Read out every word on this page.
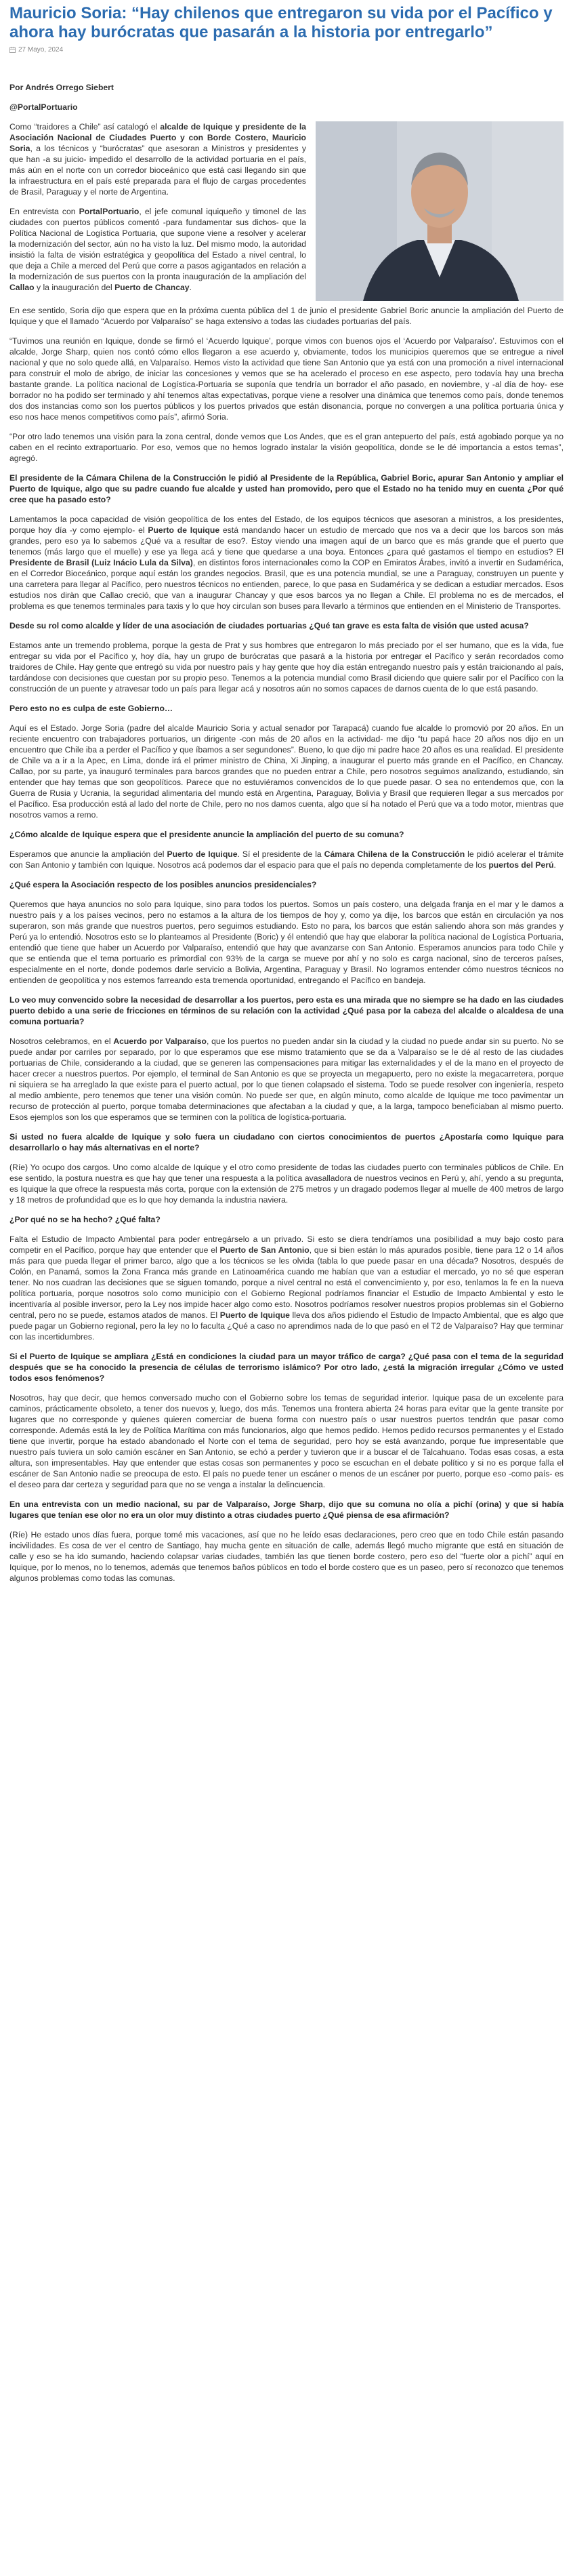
Mauricio Soria: “Hay chilenos que entregaron su vida por el Pacífico y ahora hay burócratas que pasarán a la historia por entregarlo”
27 Mayo, 2024

Por Andrés Orrego Siebert

@PortalPortuario

Como “traidores a Chile” así catalogó el alcalde de Iquique y presidente de la Asociación Nacional de Ciudades Puerto y con Borde Costero, Mauricio Soria, a los técnicos y “burócratas” que asesoran a Ministros y presidentes y que han -a su juicio- impedido el desarrollo de la actividad portuaria en el país, más aún en el norte con un corredor bioceánico que está casi llegando sin que la infraestructura en el país esté preparada para el flujo de cargas procedentes de Brasil, Paraguay y el norte de Argentina.

En entrevista con PortalPortuario, el jefe comunal iquiqueño y timonel de las ciudades con puertos públicos comentó -para fundamentar sus dichos- que la Política Nacional de Logística Portuaria, que supone viene a resolver y acelerar la modernización del sector, aún no ha visto la luz. Del mismo modo, la autoridad insistió la falta de visión estratégica y geopolítica del Estado a nivel central, lo que deja a Chile a merced del Perú que corre a pasos agigantados en relación a la modernización de sus puertos con la pronta inauguración de la ampliación del Callao y la inauguración del Puerto de Chancay.

En ese sentido, Soria dijo que espera que en la próxima cuenta pública del 1 de junio el presidente Gabriel Boric anuncie la ampliación del Puerto de Iquique y que el llamado “Acuerdo por Valparaíso” se haga extensivo a todas las ciudades portuarias del país.

“Tuvimos una reunión en Iquique, donde se firmó el ‘Acuerdo Iquique’, porque vimos con buenos ojos el ‘Acuerdo por Valparaíso’. Estuvimos con el alcalde, Jorge Sharp, quien nos contó cómo ellos llegaron a ese acuerdo y, obviamente, todos los municipios queremos que se entregue a nivel nacional y que no solo quede allá, en Valparaíso. Hemos visto la actividad que tiene San Antonio que ya está con una promoción a nivel internacional para construir el molo de abrigo, de iniciar las concesiones y vemos que se ha acelerado el proceso en ese aspecto, pero todavía hay una brecha bastante grande. La política nacional de Logística-Portuaria se suponía que tendría un borrador el año pasado, en noviembre, y -al día de hoy- ese borrador no ha podido ser terminado y ahí tenemos altas expectativas, porque viene a resolver una dinámica que tenemos como país, donde tenemos dos dos instancias como son los puertos públicos y los puertos privados que están disonancia, porque no convergen a una política portuaria única y eso nos hace menos competitivos como país”, afirmó Soria.

“Por otro lado tenemos una visión para la zona central, donde vemos que Los Andes, que es el gran antepuerto del país, está agobiado porque ya no caben en el recinto extraportuario. Por eso, vemos que no hemos logrado instalar la visión geopolítica, donde se le dé importancia a estos temas”, agregó.

El presidente de la Cámara Chilena de la Construcción le pidió al Presidente de la República, Gabriel Boric, apurar San Antonio y ampliar el Puerto de Iquique, algo que su padre cuando fue alcalde y usted han promovido, pero que el Estado no ha tenido muy en cuenta ¿Por qué cree que ha pasado esto?

Lamentamos la poca capacidad de visión geopolítica de los entes del Estado, de los equipos técnicos que asesoran a ministros, a los presidentes, porque hoy día -y como ejemplo- el Puerto de Iquique está mandando hacer un estudio de mercado que nos va a decir que los barcos son más grandes, pero eso ya lo sabemos ¿Qué va a resultar de eso?. Estoy viendo una imagen aquí de un barco que es más grande que el puerto que tenemos (más largo que el muelle) y ese ya llega acá y tiene que quedarse a una boya. Entonces ¿para qué gastamos el tiempo en estudios? El Presidente de Brasil (Luiz Inácio Lula da Silva), en distintos foros internacionales como la COP en Emiratos Árabes, invitó a invertir en Sudamérica, en el Corredor Bioceánico, porque aquí están los grandes negocios. Brasil, que es una potencia mundial, se une a Paraguay, construyen un puente y una carretera para llegar al Pacífico, pero nuestros técnicos no entienden, parece, lo que pasa en Sudamérica y se dedican a estudiar mercados. Esos estudios nos diràn que Callao creció, que van a inaugurar Chancay y que esos barcos ya no llegan a Chile. El problema no es de mercados, el problema es que tenemos terminales para taxis y lo que hoy circulan son buses para llevarlo a términos que entienden en el Ministerio de Transportes.

Desde su rol como alcalde y líder de una asociación de ciudades portuarias ¿Qué tan grave es esta falta de visión que usted acusa?

Estamos ante un tremendo problema, porque la gesta de Prat y sus hombres que entregaron lo más preciado por el ser humano, que es la vida, fue entregar su vida por el Pacífico y, hoy día, hay un grupo de burócratas que pasará a la historia por entregar el Pacífico y serán recordados como traidores de Chile. Hay gente que entregó su vida por nuestro país y hay gente que hoy día están entregando nuestro país y están traicionando al país, tardándose con decisiones que cuestan por su propio peso. Tenemos a la potencia mundial como Brasil diciendo que quiere salir por el Pacífico con la construcción de un puente y atravesar todo un país para llegar acá y nosotros aún no somos capaces de darnos cuenta de lo que está pasando.

Pero esto no es culpa de este Gobierno…

Aquí es el Estado. Jorge Soria (padre del alcalde Mauricio Soria y actual senador por Tarapacá) cuando fue alcalde lo promovió por 20 años. En un reciente encuentro con trabajadores portuarios, un dirigente -con más de 20 años en la actividad- me dijo “tu papá hace 20 años nos dijo en un encuentro que Chile iba a perder el Pacífico y que íbamos a ser segundones”. Bueno, lo que dijo mi padre hace 20 años es una realidad. El presidente de Chile va a ir a la Apec, en Lima, donde irá el primer ministro de China, Xi Jinping, a inaugurar el puerto más grande en el Pacífico, en Chancay. Callao, por su parte, ya inauguró terminales para barcos grandes que no pueden entrar a Chile, pero nosotros seguimos analizando, estudiando, sin entender que hay temas que son geopolíticos. Parece que no estuviéramos convencidos de lo que puede pasar. O sea no entendemos que, con la Guerra de Rusia y Ucrania, la seguridad alimentaria del mundo está en Argentina, Paraguay, Bolivia y Brasil que requieren llegar a sus mercados por el Pacífico. Esa producción está al lado del norte de Chile, pero no nos damos cuenta, algo que sí ha notado el Perú que va a todo motor, mientras que nosotros vamos a remo.

¿Cómo alcalde de Iquique espera que el presidente anuncie la ampliación del puerto de su comuna?

Esperamos que anuncie la ampliación del Puerto de Iquique. Sí el presidente de la Cámara Chilena de la Construcción le pidió acelerar el trámite con San Antonio y también con Iquique. Nosotros acá podemos dar el espacio para que el país no dependa completamente de los puertos del Perú.

¿Qué espera la Asociación respecto de los posibles anuncios presidenciales?

Queremos que haya anuncios no solo para Iquique, sino para todos los puertos. Somos un país costero, una delgada franja en el mar y le damos a nuestro país y a los países vecinos, pero no estamos a la altura de los tiempos de hoy y, como ya dije, los barcos que están en circulación ya nos superaron, son más grande que nuestros puertos, pero seguimos estudiando. Esto no para, los barcos que están saliendo ahora son más grandes y Perú ya lo entendió. Nosotros esto se lo planteamos al Presidente (Boric) y él entendió que hay que elaborar la política nacional de Logística Portuaria, entendió que tiene que haber un Acuerdo por Valparaíso, entendió que hay que avanzarse con San Antonio. Esperamos anuncios para todo Chile y que se entienda que el tema portuario es primordial con 93% de la carga se mueve por ahí y no solo es carga nacional, sino de terceros países, especialmente en el norte, donde podemos darle servicio a Bolivia, Argentina, Paraguay y Brasil. No logramos entender cómo nuestros técnicos no entienden de geopolítica y nos estemos farreando esta tremenda oportunidad, entregando el Pacífico en bandeja.

Lo veo muy convencido sobre la necesidad de desarrollar a los puertos, pero esta es una mirada que no siempre se ha dado en las ciudades puerto debido a una serie de fricciones en términos de su relación con la actividad ¿Qué pasa por la cabeza del alcalde o alcaldesa de una comuna portuaria?

Nosotros celebramos, en el Acuerdo por Valparaíso, que los puertos no pueden andar sin la ciudad y la ciudad no puede andar sin su puerto. No se puede andar por carriles por separado, por lo que esperamos que ese mismo tratamiento que se da a Valparaíso se le dé al resto de las ciudades portuarias de Chile, considerando a la ciudad, que se generen las compensaciones para mitigar las externalidades y el de la mano en el proyecto de hacer crecer a nuestros puertos. Por ejemplo, el terminal de San Antonio es que se proyecta un megapuerto, pero no existe la megacarretera, porque ni siquiera se ha arreglado la que existe para el puerto actual, por lo que tienen colapsado el sistema. Todo se puede resolver con ingeniería, respeto al medio ambiente, pero tenemos que tener una visión común. No puede ser que, en algún minuto, como alcalde de Iquique me toco pavimentar un recurso de protección al puerto, porque tomaba determinaciones que afectaban a la ciudad y que, a la larga, tampoco beneficiaban al mismo puerto. Esos ejemplos son los que esperamos que se terminen con la política de logística-portuaria.

Si usted no fuera alcalde de Iquique y solo fuera un ciudadano con ciertos conocimientos de puertos ¿Apostaría como Iquique para desarrollarlo o hay más alternativas en el norte?

(Ríe) Yo ocupo dos cargos. Uno como alcalde de Iquique y el otro como presidente de todas las ciudades puerto con terminales públicos de Chile. En ese sentido, la postura nuestra es que hay que tener una respuesta a la política avasalladora de nuestros vecinos en Perú y, ahí, yendo a su pregunta, es Iquique la que ofrece la respuesta más corta, porque con la extensión de 275 metros y un dragado podemos llegar al muelle de 400 metros de largo y 18 metros de profundidad que es lo que hoy demanda la industria naviera.

¿Por qué no se ha hecho? ¿Qué falta?

Falta el Estudio de Impacto Ambiental para poder entregárselo a un privado. Si esto se diera tendríamos una posibilidad a muy bajo costo para competir en el Pacífico, porque hay que entender que el Puerto de San Antonio, que si bien están lo más apurados posible, tiene para 12 o 14 años más para que pueda llegar el primer barco, algo que a los técnicos se les olvida (tabla lo que puede pasar en una década? Nosotros, después de Colón, en Panamá, somos la Zona Franca más grande en Latinoamérica cuando me habían que van a estudiar el mercado, yo no sé que esperan tener. No nos cuadran las decisiones que se siguen tomando, porque a nivel central no está el convencimiento y, por eso, tenlamos la fe en la nueva política portuaria, porque nosotros solo como municipio con el Gobierno Regional podríamos financiar el Estudio de Impacto Ambiental y esto le incentivaría al posible inversor, pero la Ley nos impide hacer algo como esto. Nosotros podríamos resolver nuestros propios problemas sin el Gobierno central, pero no se puede, estamos atados de manos. El Puerto de Iquique lleva dos años pidiendo el Estudio de Impacto Ambiental, que es algo que puede pagar un Gobierno regional, pero la ley no lo faculta ¿Qué a caso no aprendimos nada de lo que pasó en el T2 de Valparaíso? Hay que terminar con las incertidumbres.

Si el Puerto de Iquique se ampliara ¿Está en condiciones la ciudad para un mayor tráfico de carga? ¿Qué pasa con el tema de la seguridad después que se ha conocido la presencia de células de terrorismo islámico? Por otro lado, ¿está la migración irregular ¿Cómo ve usted todos esos fenómenos?

Nosotros, hay que decir, que hemos conversado mucho con el Gobierno sobre los temas de seguridad interior. Iquique pasa de un excelente para caminos, prácticamente obsoleto, a tener dos nuevos y, luego, dos más. Tenemos una frontera abierta 24 horas para evitar que la gente transite por lugares que no corresponde y quienes quieren comerciar de buena forma con nuestro país o usar nuestros puertos tendrán que pasar como corresponde. Además está la ley de Política Marítima con más funcionarios, algo que hemos pedido. Hemos pedido recursos permanentes y el Estado tiene que invertir, porque ha estado abandonado el Norte con el tema de seguridad, pero hoy se está avanzando, porque fue impresentable que nuestro país tuviera un solo camión escáner en San Antonio, se echó a perder y tuvieron que ir a buscar el de Talcahuano. Todas esas cosas, a esta altura, son impresentables. Hay que entender que estas cosas son permanentes y poco se escuchan en el debate político y si no es porque falla el escáner de San Antonio nadie se preocupa de esto. El país no puede tener un escáner o menos de un escáner por puerto, porque eso -como país- es el deseo para dar certeza y seguridad para que no se venga a instalar la delincuencia.

En una entrevista con un medio nacional, su par de Valparaíso, Jorge Sharp, dijo que su comuna no olía a pichí (orina) y que si había lugares que tenían ese olor no era un olor muy distinto a otras ciudades puerto ¿Qué piensa de esa afirmación?

(Ríe) He estado unos días fuera, porque tomé mis vacaciones, así que no he leído esas declaraciones, pero creo que en todo Chile están pasando incivilidades. Es cosa de ver el centro de Santiago, hay mucha gente en situación de calle, además llegó mucho migrante que está en situación de calle y eso se ha ido sumando, haciendo colapsar varias ciudades, también las que tienen borde costero, pero eso del “fuerte olor a pichí” aquí en Iquique, por lo menos, no lo tenemos, además que tenemos baños públicos en todo el borde costero que es un paseo, pero sí reconozco que tenemos algunos problemas como todas las comunas.
